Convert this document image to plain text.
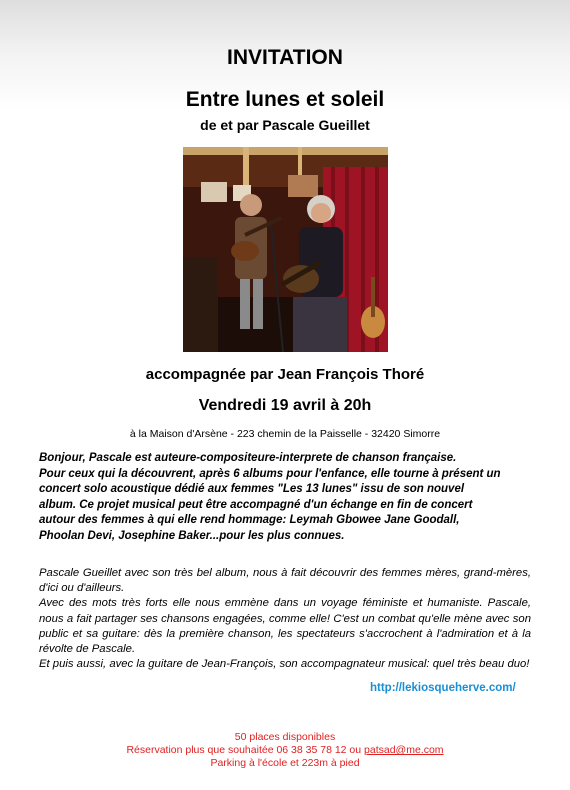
INVITATION
Entre lunes et soleil
de et par Pascale Gueillet
accompagnée par Jean François Thoré
Vendredi 19 avril à 20h
à la Maison d'Arsène - 223 chemin de la Paisselle - 32420 Simorre
Bonjour, Pascale est auteure-compositeure-interprete de chanson française.
Pour ceux qui la découvrent, après 6 albums pour l'enfance, elle tourne à présent un
concert solo acoustique dédié aux femmes "Les 13 lunes" issu de son nouvel
album. Ce projet musical peut être accompagné d'un échange en fin de concert
autour des femmes à qui elle rend hommage: Leymah Gbowee Jane Goodall,
Phoolan Devi, Josephine Baker...pour les plus connues.

Pascale Gueillet avec son très bel album, nous à fait découvrir des femmes mères, grand-mères, d'ici ou d'ailleurs.

Avec des mots très forts elle nous emmène dans un voyage féministe et humaniste. Pascale, nous a fait partager ses chansons engagées, comme elle! C'est un combat qu'elle mène avec son public et sa guitare: dès la première chanson, les spectateurs s'accrochent à l'admiration et à la révolte de Pascale.

Et puis aussi, avec la guitare de Jean-François, son accompagnateur musical: quel très beau duo!

http://lekiosqueherve.com/
50 places disponibles
Réservation plus que souhaitée 06 38 35 78 12 ou patsad@me.com
Parking à l'école et 223m à pied
